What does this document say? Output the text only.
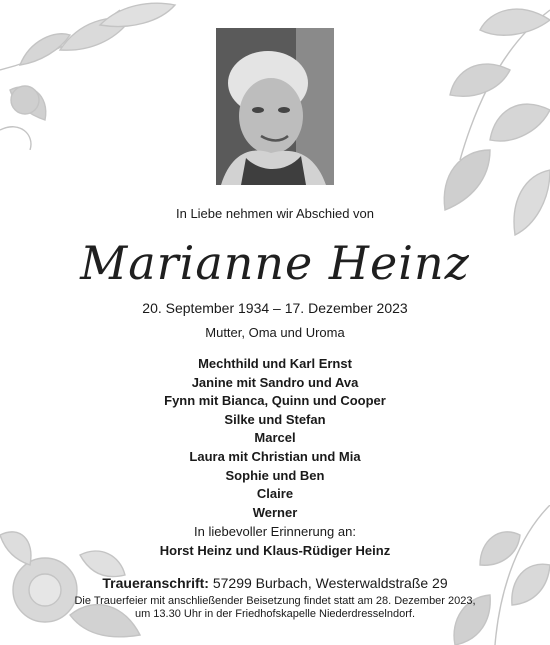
In Liebe nehmen wir Abschied von
Marianne Heinz
20. September 1934 – 17. Dezember 2023
Mutter, Oma und Uroma
Mechthild und Karl Ernst
Janine mit Sandro und Ava
Fynn mit Bianca, Quinn und Cooper
Silke und Stefan
Marcel
Laura mit Christian und Mia
Sophie und Ben
Claire
Werner
In liebevoller Erinnerung an:
Horst Heinz und Klaus-Rüdiger Heinz
Traueranschrift: 57299 Burbach, Westerwaldstraße 29
Die Trauerfeier mit anschließender Beisetzung findet statt am 28. Dezember 2023,
um 13.30 Uhr in der Friedhofskapelle Niederdresselndorf.
